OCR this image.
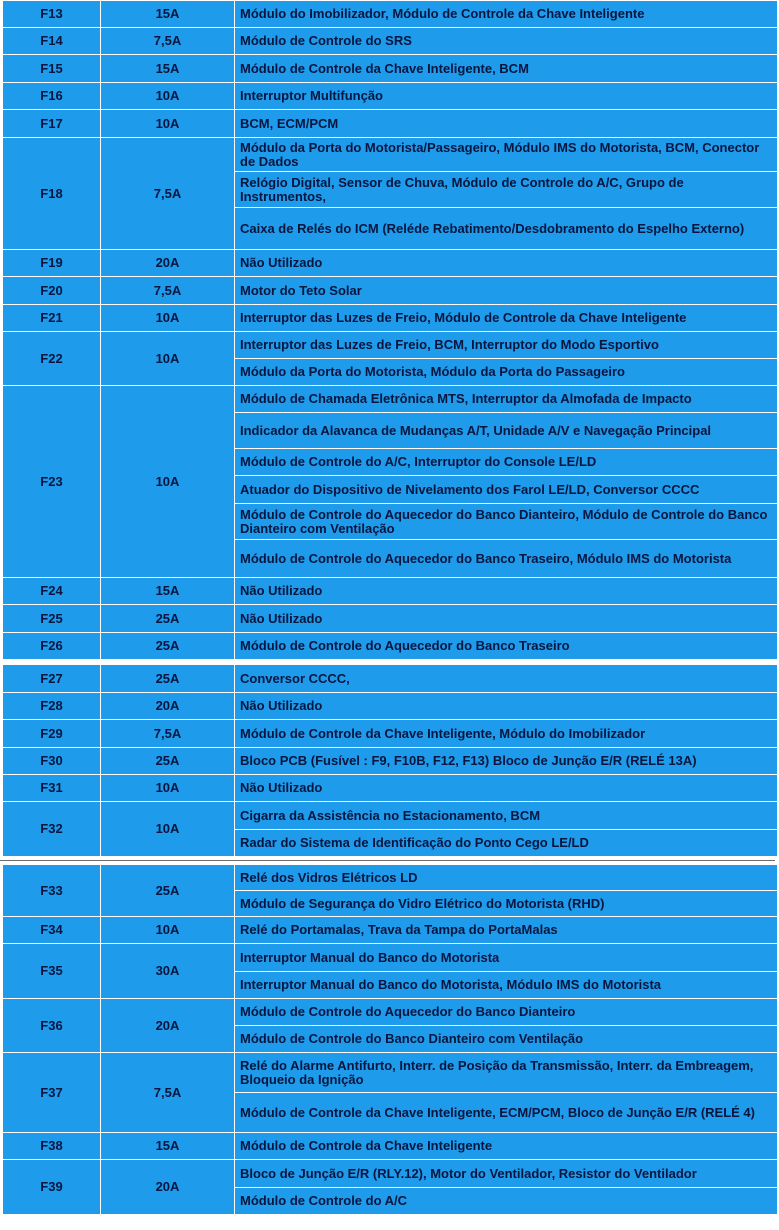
F13	15A	Módulo do Imobilizador, Módulo de Controle da Chave Inteligente
F14	7,5A	Módulo de Controle do SRS
F15	15A	Módulo de Controle da Chave Inteligente, BCM
F16	10A	Interruptor Multifunção
F17	10A	BCM, ECM/PCM
F18	7,5A	Módulo da Porta do Motorista/Passageiro, Módulo IMS do Motorista, BCM, Conector de Dados
		Relógio Digital, Sensor de Chuva, Módulo de Controle do A/C, Grupo de Instrumentos,
		Caixa de Relés do ICM (Reléde Rebatimento/Desdobramento do Espelho Externo)
F19	20A	Não Utilizado
F20	7,5A	Motor do Teto Solar
F21	10A	Interruptor das Luzes de Freio, Módulo de Controle da Chave Inteligente
F22	10A	Interruptor das Luzes de Freio, BCM, Interruptor do Modo Esportivo
		Módulo da Porta do Motorista, Módulo da Porta do Passageiro
F23	10A	Módulo de Chamada Eletrônica MTS, Interruptor da Almofada de Impacto
		Indicador da Alavanca de Mudanças A/T, Unidade A/V e Navegação Principal
		Módulo de Controle do A/C, Interruptor do Console LE/LD
		Atuador do Dispositivo de Nivelamento dos Farol LE/LD, Conversor CCCC
		Módulo de Controle do Aquecedor do Banco Dianteiro, Módulo de Controle do Banco Dianteiro com Ventilação
		Módulo de Controle do Aquecedor do Banco Traseiro, Módulo IMS do Motorista
F24	15A	Não Utilizado
F25	25A	Não Utilizado
F26	25A	Módulo de Controle do Aquecedor do Banco Traseiro
F27	25A	Conversor CCCC,
F28	20A	Não Utilizado
F29	7,5A	Módulo de Controle da Chave Inteligente, Módulo do Imobilizador
F30	25A	Bloco PCB (Fusível : F9, F10B, F12, F13) Bloco de Junção E/R (RELÉ 13A)
F31	10A	Não Utilizado
F32	10A	Cigarra da Assistência no Estacionamento, BCM
		Radar do Sistema de Identificação do Ponto Cego LE/LD
F33	25A	Relé dos Vidros Elétricos LD
		Módulo de Segurança do Vidro Elétrico do Motorista (RHD)
F34	10A	Relé do Portamalas, Trava da Tampa do PortaMalas
F35	30A	Interruptor Manual do Banco do Motorista
		Interruptor Manual do Banco do Motorista, Módulo IMS do Motorista
F36	20A	Módulo de Controle do Aquecedor do Banco Dianteiro
		Módulo de Controle do Banco Dianteiro com Ventilação
F37	7,5A	Relé do Alarme Antifurto, Interr. de Posição da Transmissão, Interr. da Embreagem, Bloqueio da Ignição
		Módulo de Controle da Chave Inteligente, ECM/PCM, Bloco de Junção E/R (RELÉ 4)
F38	15A	Módulo de Controle da Chave Inteligente
F39	20A	Bloco de Junção E/R (RLY.12), Motor do Ventilador, Resistor do Ventilador
		Módulo de Controle do A/C
